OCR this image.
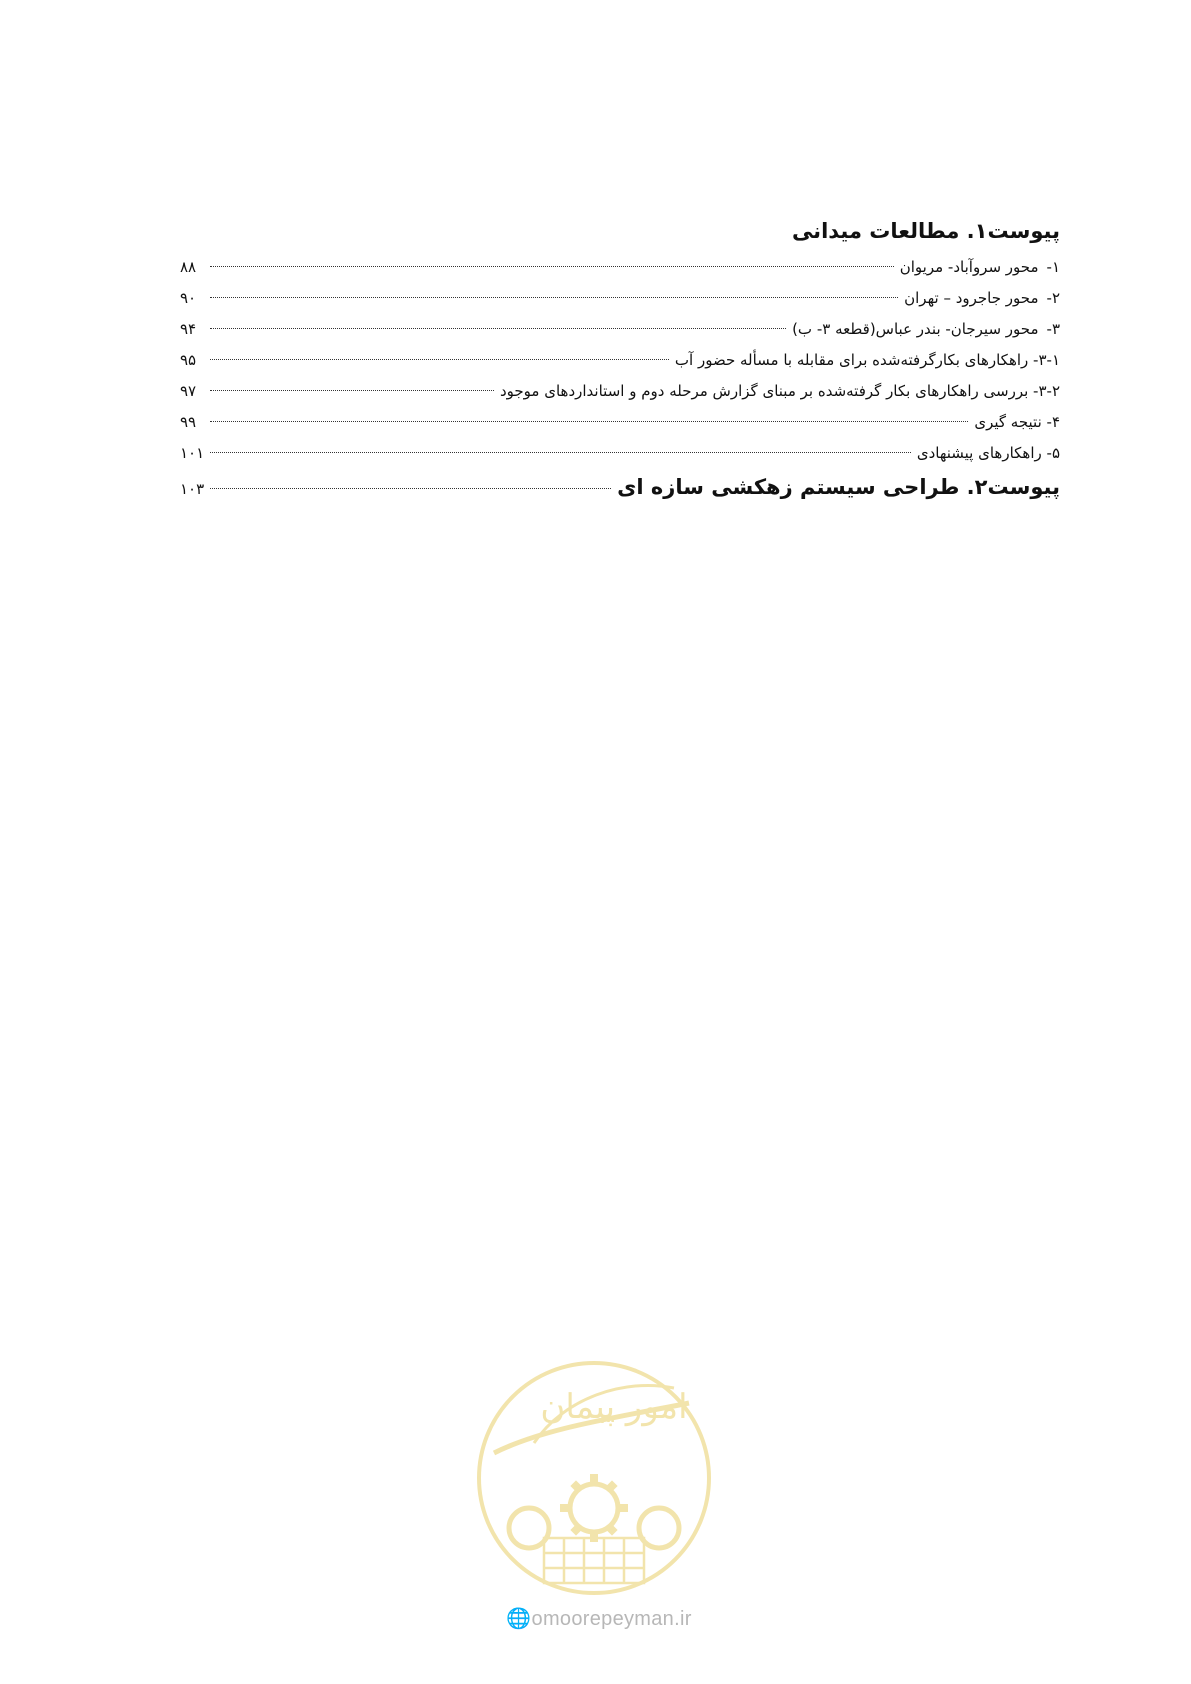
پیوست۱. مطالعات میدانی
۱-
محور سروآباد- مریوان
۸۸
۲-
محور جاجرود – تهران
۹۰
۳-
محور سیرجان- بندر عباس(قطعه ۳- ب)
۹۴
۳-۱- راهکارهای بکارگرفته‌شده برای مقابله با مسأله حضور آب
۹۵
۳-۲- بررسی راهکارهای بکار گرفته‌شده بر مبنای گزارش مرحله دوم و استانداردهای موجود
۹۷
۴- نتیجه گیری
۹۹
۵- راهکارهای پیشنهادی
۱۰۱
پیوست۲. طراحی سیستم زهکشی سازه ای
۱۰۳
امور پیمان
🌐omoorepeyman.ir
